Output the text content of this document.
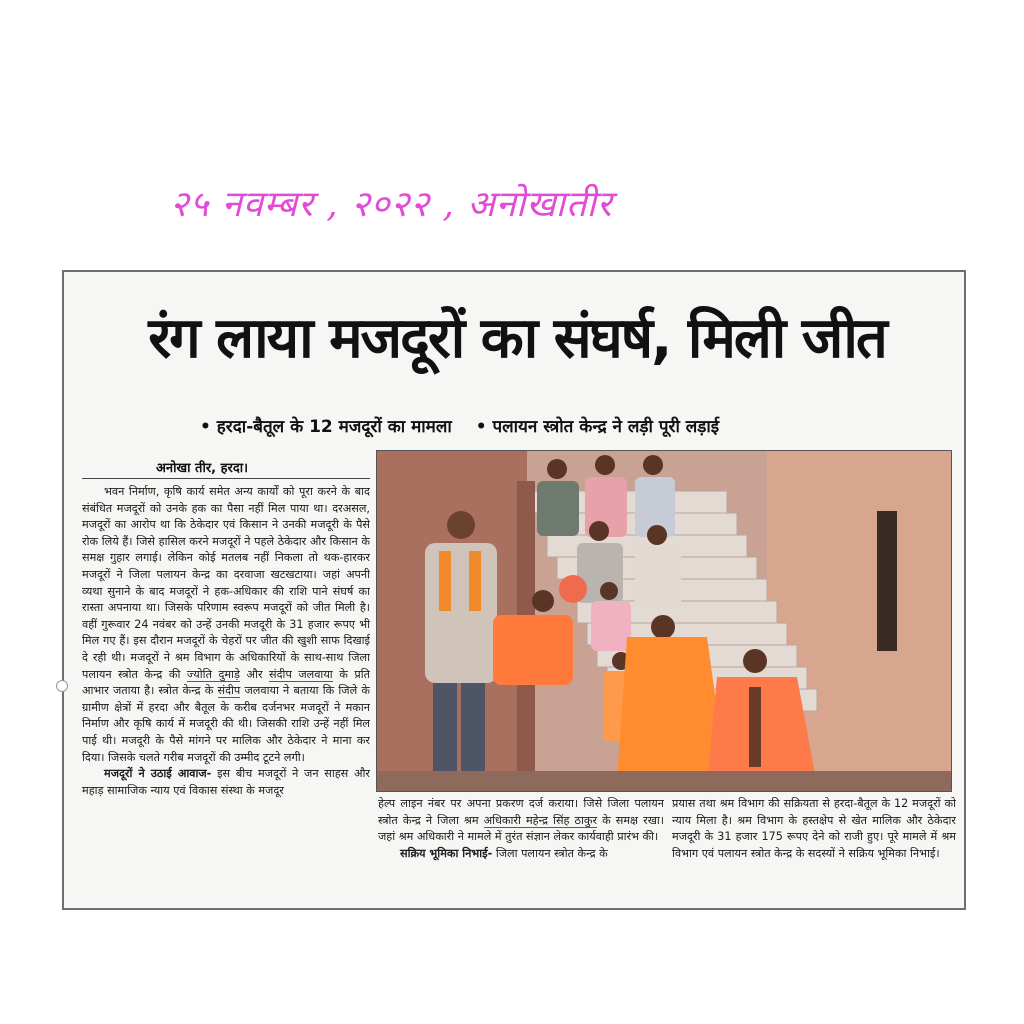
२५ नवम्बर , २०२२ , अनोखातीर
रंग लाया मजदूरों का संघर्ष, मिली जीत
• हरदा-बैतूल के 12 मजदूरों का मामला • पलायन स्त्रोत केन्द्र ने लड़ी पूरी लड़ाई
अनोखा तीर, हरदा।

भवन निर्माण, कृषि कार्य समेत अन्य कार्यों को पूरा करने के बाद संबंधित मजदूरों को उनके हक का पैसा नहीं मिल पाया था। दरअसल, मजदूरों का आरोप था कि ठेकेदार एवं किसान ने उनकी मजदूरी के पैसे रोक लिये हैं। जिसे हासिल करने मजदूरों ने पहले ठेकेदार और किसान के समक्ष गुहार लगाई। लेकिन कोई मतलब नहीं निकला तो थक-हारकर मजदूरों ने जिला पलायन केन्द्र का दरवाजा खटखटाया। जहां अपनी व्यथा सुनाने के बाद मजदूरों ने हक-अधिकार की राशि पाने संघर्ष का रास्ता अपनाया था। जिसके परिणाम स्वरूप मजदूरों को जीत मिली है। वहीं गुरूवार 24 नवंबर को उन्हें उनकी मजदूरी के 31 हजार रूपए भी मिल गए हैं। इस दौरान मजदूरों के चेहरों पर जीत की खुशी साफ दिखाई दे रही थी। मजदूरों ने श्रम विभाग के अधिकारियों के साथ-साथ जिला पलायन स्त्रोत केन्द्र की ज्योति दुमाड़े और संदीप जलवाया के प्रति आभार जताया है। स्त्रोत केन्द्र के संदीप जलवाया ने बताया कि जिले के ग्रामीण क्षेत्रों में हरदा और बैतूल के करीब दर्जनभर मजदूरों ने मकान निर्माण और कृषि कार्य में मजदूरी की थी। जिसकी राशि उन्हें नहीं मिल पाई थी। मजदूरी के पैसे मांगने पर मालिक और ठेकेदार ने माना कर दिया। जिसके चलते गरीब मजदूरों की उम्मीद टूटने लगी।

मजदूरों ने उठाई आवाज- इस बीच मजदूरों ने जन साहस और महाड़ सामाजिक न्याय एवं विकास संस्था के मजदूर

हेल्प लाइन नंबर पर अपना प्रकरण दर्ज कराया। जिसे जिला पलायन स्त्रोत केन्द्र ने जिला श्रम अधिकारी महेन्द्र सिंह ठाकुर के समक्ष रखा। जहां श्रम अधिकारी ने मामले में तुरंत संज्ञान लेकर कार्यवाही प्रारंभ की।

सक्रिय भूमिका निभाई- जिला पलायन स्त्रोत केन्द्र के

प्रयास तथा श्रम विभाग की सक्रियता से हरदा-बैतूल के 12 मजदूरों को न्याय मिला है। श्रम विभाग के हस्तक्षेप से खेत मालिक और ठेकेदार मजदूरी के 31 हजार 175 रूपए देने को राजी हुए। पूरे मामले में श्रम विभाग एवं पलायन स्त्रोत केन्द्र के सदस्यों ने सक्रिय भूमिका निभाई।
